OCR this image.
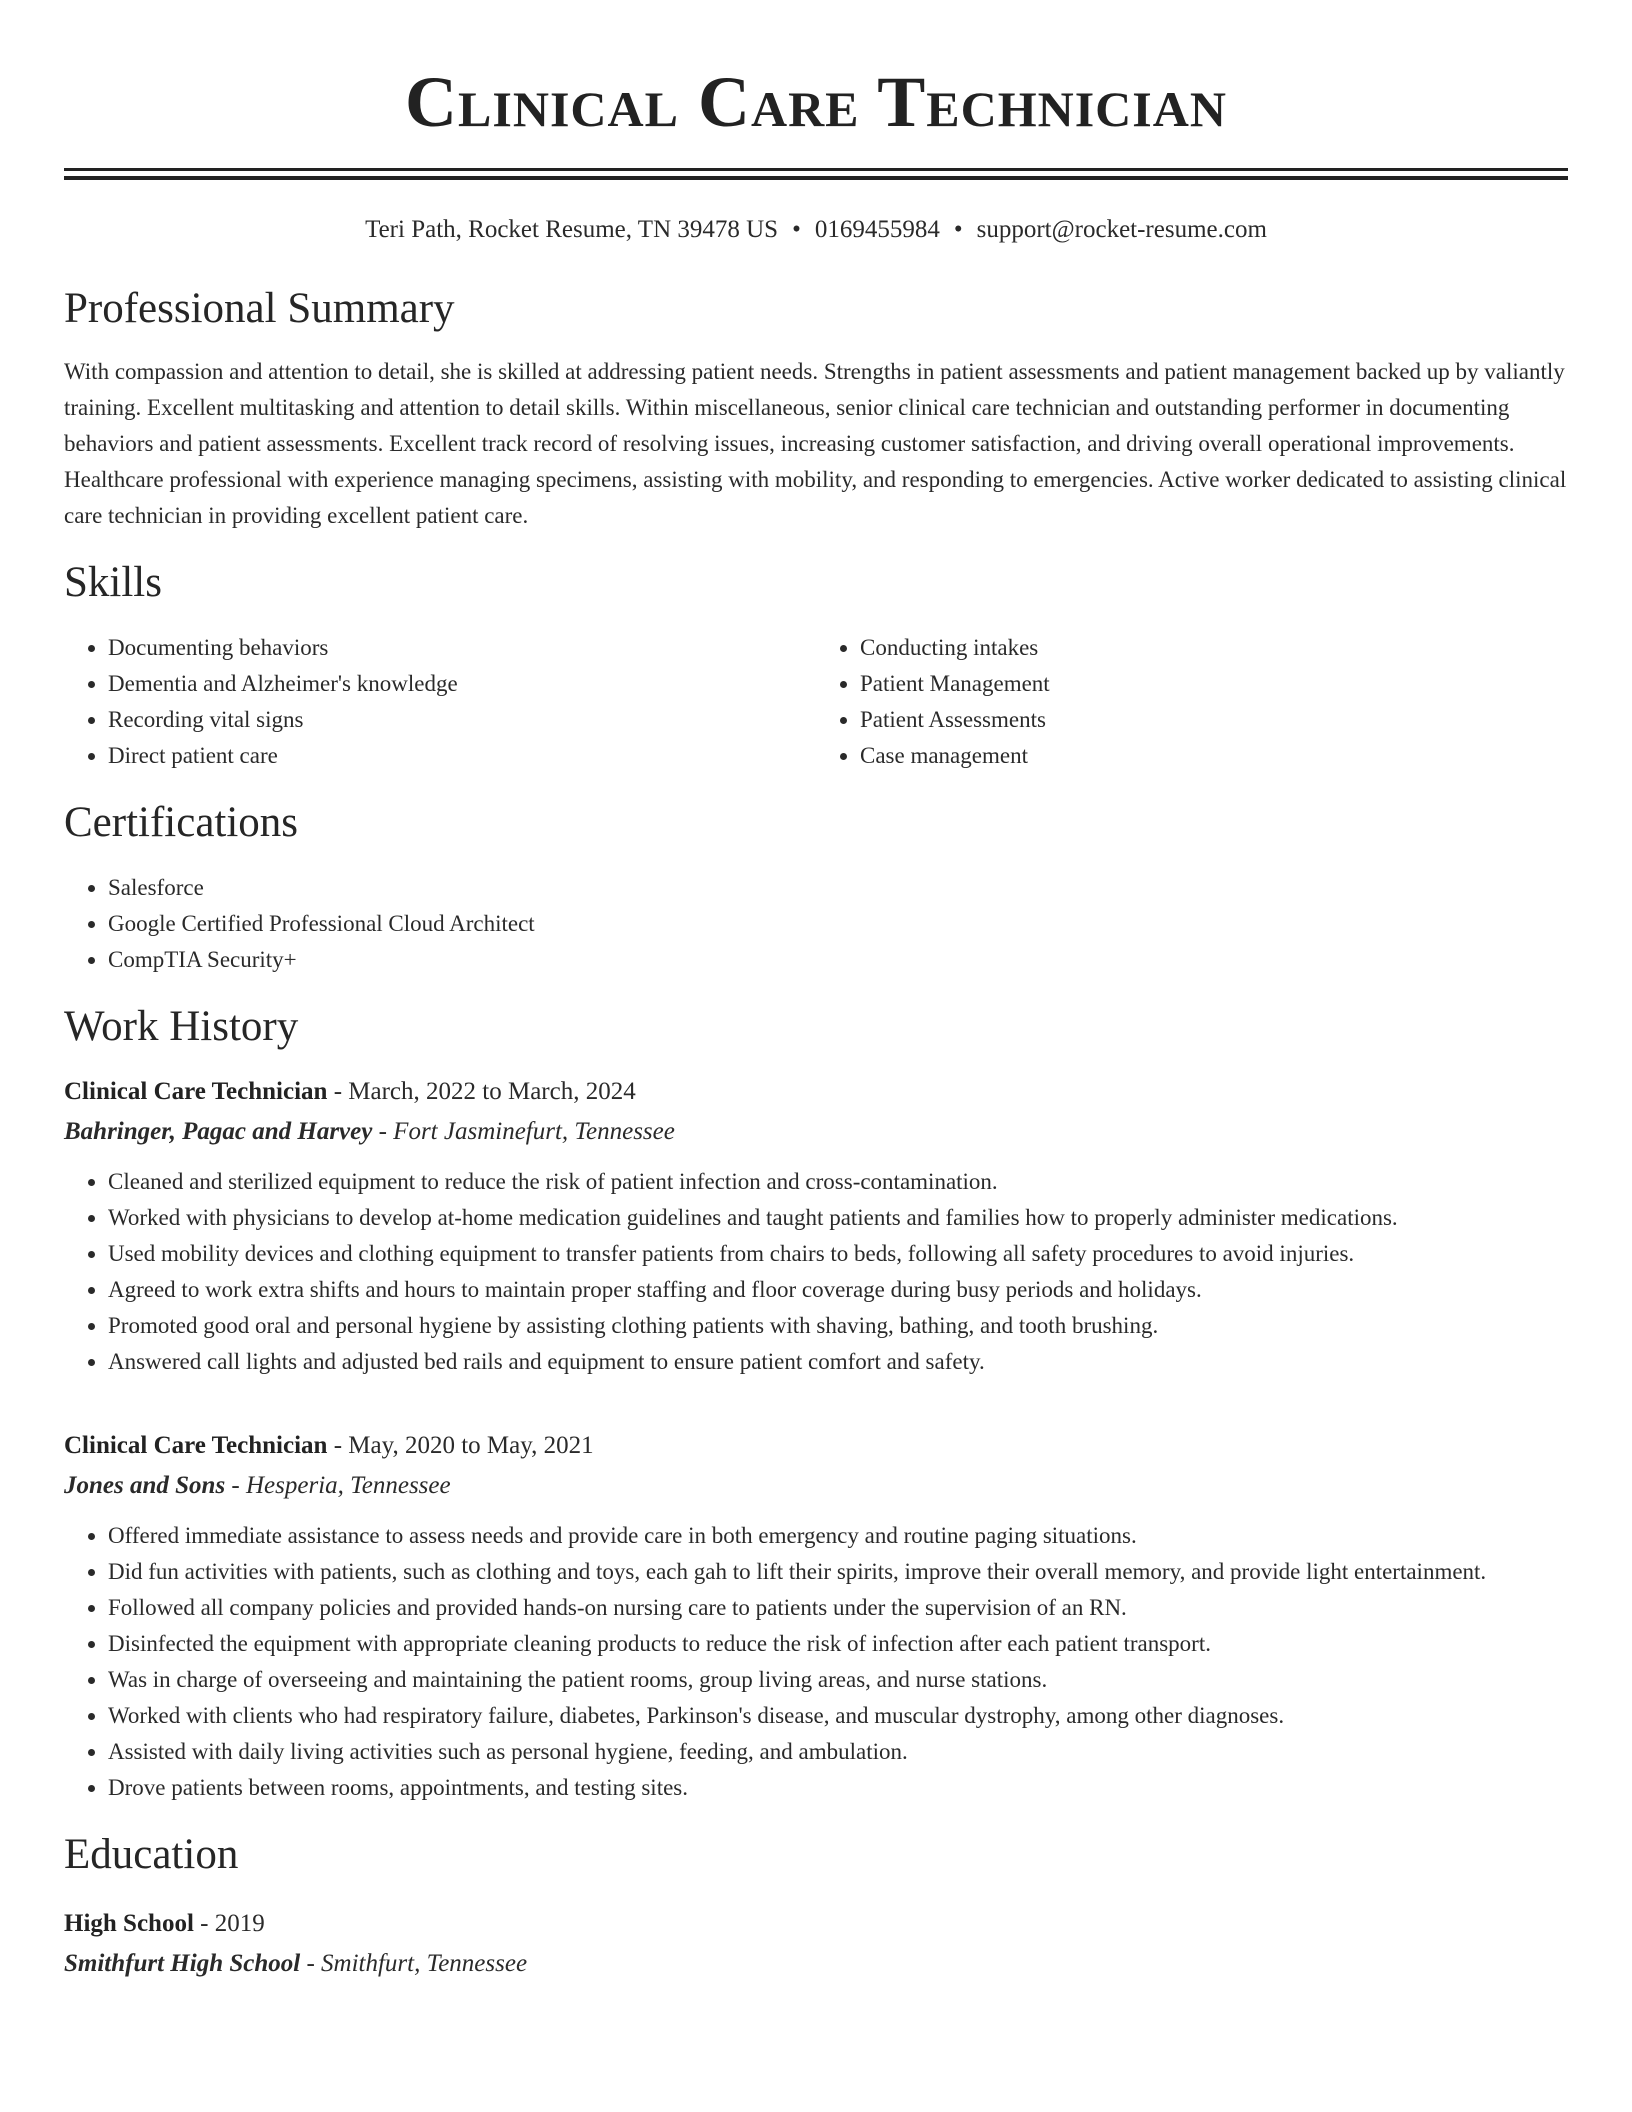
Clinical Care Technician
Teri Path, Rocket Resume, TN 39478 US • 0169455984 • support@rocket-resume.com
Professional Summary

With compassion and attention to detail, she is skilled at addressing patient needs. Strengths in patient assessments and patient management backed up by valiantly training. Excellent multitasking and attention to detail skills. Within miscellaneous, senior clinical care technician and outstanding performer in documenting behaviors and patient assessments. Excellent track record of resolving issues, increasing customer satisfaction, and driving overall operational improvements. Healthcare professional with experience managing specimens, assisting with mobility, and responding to emergencies. Active worker dedicated to assisting clinical care technician in providing excellent patient care.

Skills
• Documenting behaviors
• Dementia and Alzheimer's knowledge
• Recording vital signs
• Direct patient care
• Conducting intakes
• Patient Management
• Patient Assessments
• Case management
Certifications
• Salesforce
• Google Certified Professional Cloud Architect
• CompTIA Security+
Work History
Clinical Care Technician - March, 2022 to March, 2024
Bahringer, Pagac and Harvey - Fort Jasminefurt, Tennessee
• Cleaned and sterilized equipment to reduce the risk of patient infection and cross-contamination.
• Worked with physicians to develop at-home medication guidelines and taught patients and families how to properly administer medications.
• Used mobility devices and clothing equipment to transfer patients from chairs to beds, following all safety procedures to avoid injuries.
• Agreed to work extra shifts and hours to maintain proper staffing and floor coverage during busy periods and holidays.
• Promoted good oral and personal hygiene by assisting clothing patients with shaving, bathing, and tooth brushing.
• Answered call lights and adjusted bed rails and equipment to ensure patient comfort and safety.
Clinical Care Technician - May, 2020 to May, 2021
Jones and Sons - Hesperia, Tennessee
• Offered immediate assistance to assess needs and provide care in both emergency and routine paging situations.
• Did fun activities with patients, such as clothing and toys, each gah to lift their spirits, improve their overall memory, and provide light entertainment.
• Followed all company policies and provided hands-on nursing care to patients under the supervision of an RN.
• Disinfected the equipment with appropriate cleaning products to reduce the risk of infection after each patient transport.
• Was in charge of overseeing and maintaining the patient rooms, group living areas, and nurse stations.
• Worked with clients who had respiratory failure, diabetes, Parkinson's disease, and muscular dystrophy, among other diagnoses.
• Assisted with daily living activities such as personal hygiene, feeding, and ambulation.
• Drove patients between rooms, appointments, and testing sites.
Education
High School - 2019
Smithfurt High School - Smithfurt, Tennessee
